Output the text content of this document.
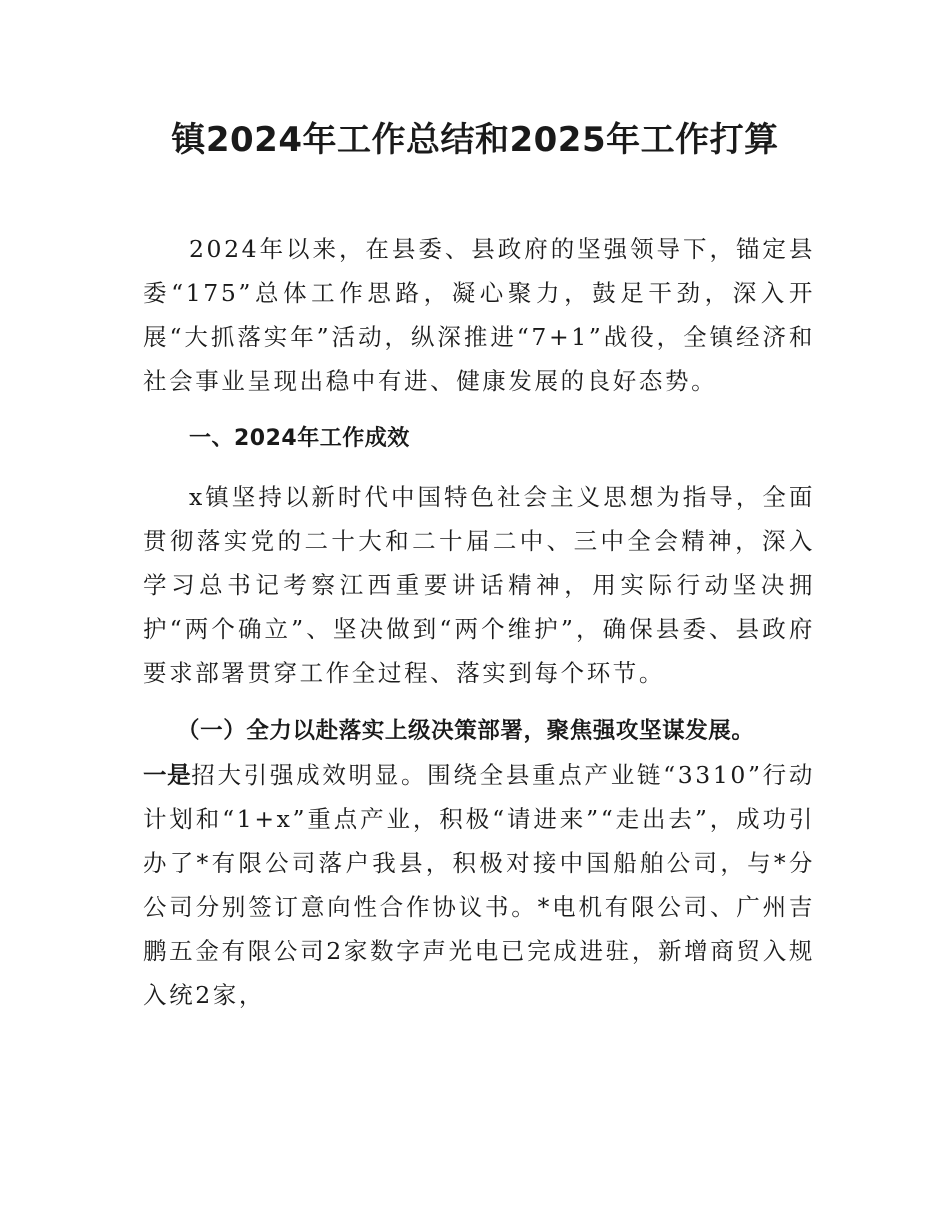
镇2024年工作总结和2025年工作打算

2024年以来，在县委、县政府的坚强领导下，锚定县委“175”总体工作思路，凝心聚力，鼓足干劲，深入开展“大抓落实年”活动，纵深推进“7+1”战役，全镇经济和社会事业呈现出稳中有进、健康发展的良好态势。

一、2024年工作成效

x镇坚持以新时代中国特色社会主义思想为指导，全面贯彻落实党的二十大和二十届二中、三中全会精神，深入学习总书记考察江西重要讲话精神，用实际行动坚决拥护“两个确立”、坚决做到“两个维护”，确保县委、县政府要求部署贯穿工作全过程、落实到每个环节。

（一）全力以赴落实上级决策部署，聚焦强攻坚谋发展。

一是招大引强成效明显。围绕全县重点产业链“3310”行动计划和“1+x”重点产业，积极“请进来”“走出去”，成功引办了*有限公司落户我县，积极对接中国船舶公司，与*分公司分别签订意向性合作协议书。*电机有限公司、广州吉鹏五金有限公司2家数字声光电已完成进驻，新增商贸入规入统2家，
